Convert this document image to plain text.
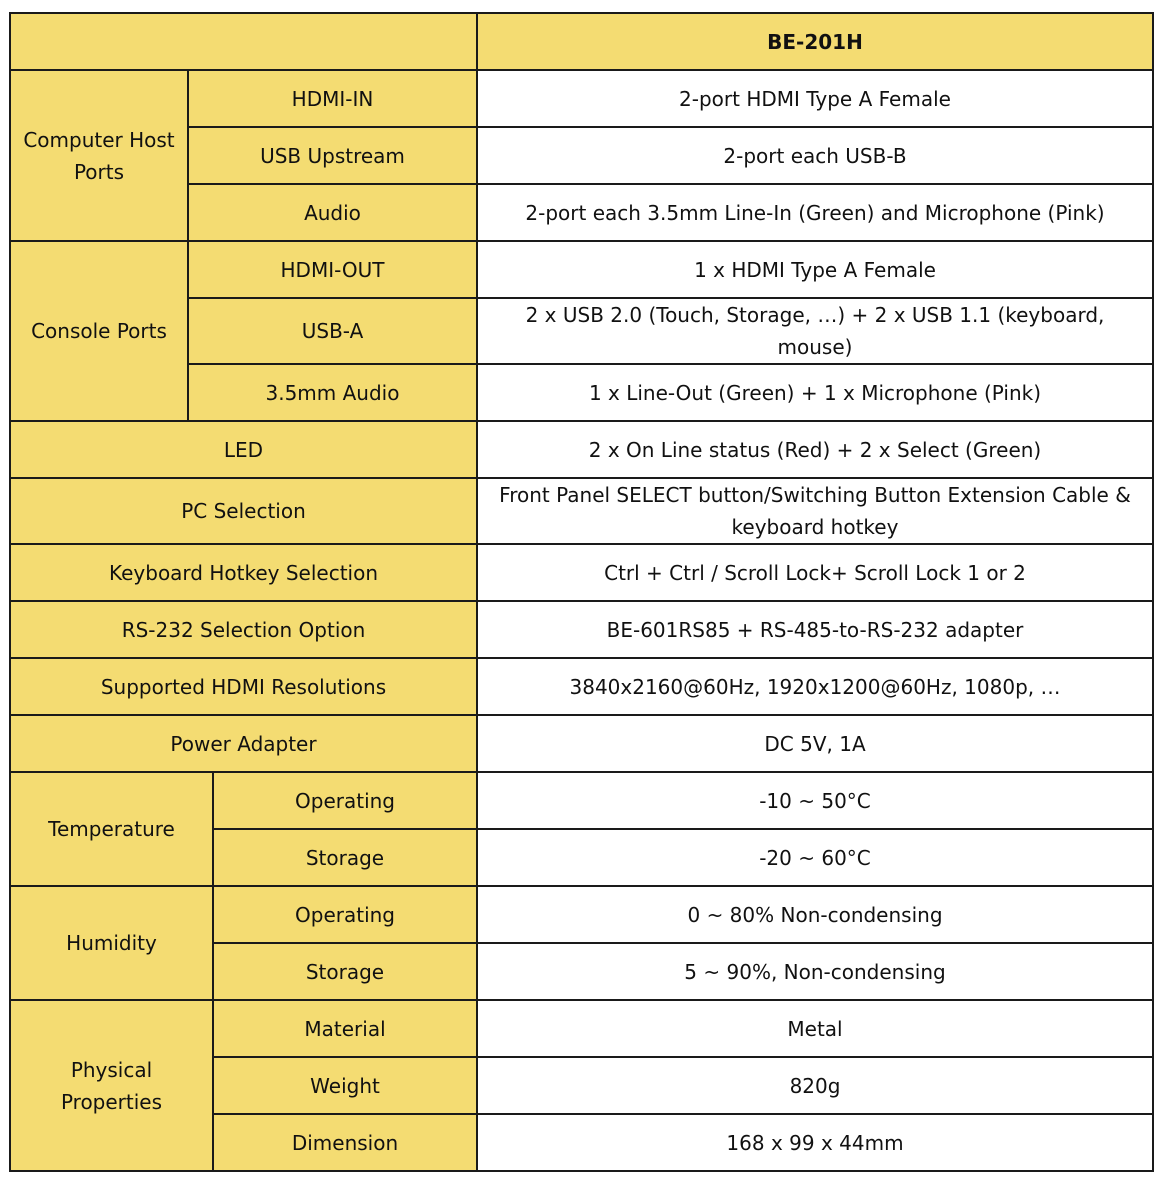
			BE-201H
Computer Host Ports	HDMI-IN		2-port HDMI Type A Female
	USB Upstream		2-port each USB-B
	Audio		2-port each 3.5mm Line-In (Green) and Microphone (Pink)
Console Ports	HDMI-OUT		1 x HDMI Type A Female
	USB-A		2 x USB 2.0 (Touch, Storage, …) + 2 x USB 1.1 (keyboard, mouse)
	3.5mm Audio		1 x Line-Out (Green) + 1 x Microphone (Pink)
LED			2 x On Line status (Red) + 2 x Select (Green)
PC Selection			Front Panel SELECT button/Switching Button Extension Cable & keyboard hotkey
Keyboard Hotkey Selection			Ctrl + Ctrl / Scroll Lock+ Scroll Lock 1 or 2
RS-232 Selection Option			BE-601RS85 + RS-485-to-RS-232 adapter
Supported HDMI Resolutions			3840x2160@60Hz, 1920x1200@60Hz, 1080p, …
Power Adapter			DC 5V, 1A
Temperature		Operating	-10 ~ 50°C
		Storage	-20 ~ 60°C
Humidity		Operating	0 ~ 80% Non-condensing
		Storage	5 ~ 90%, Non-condensing
Physical Properties		Material	Metal
		Weight	820g
		Dimension	168 x 99 x 44mm
